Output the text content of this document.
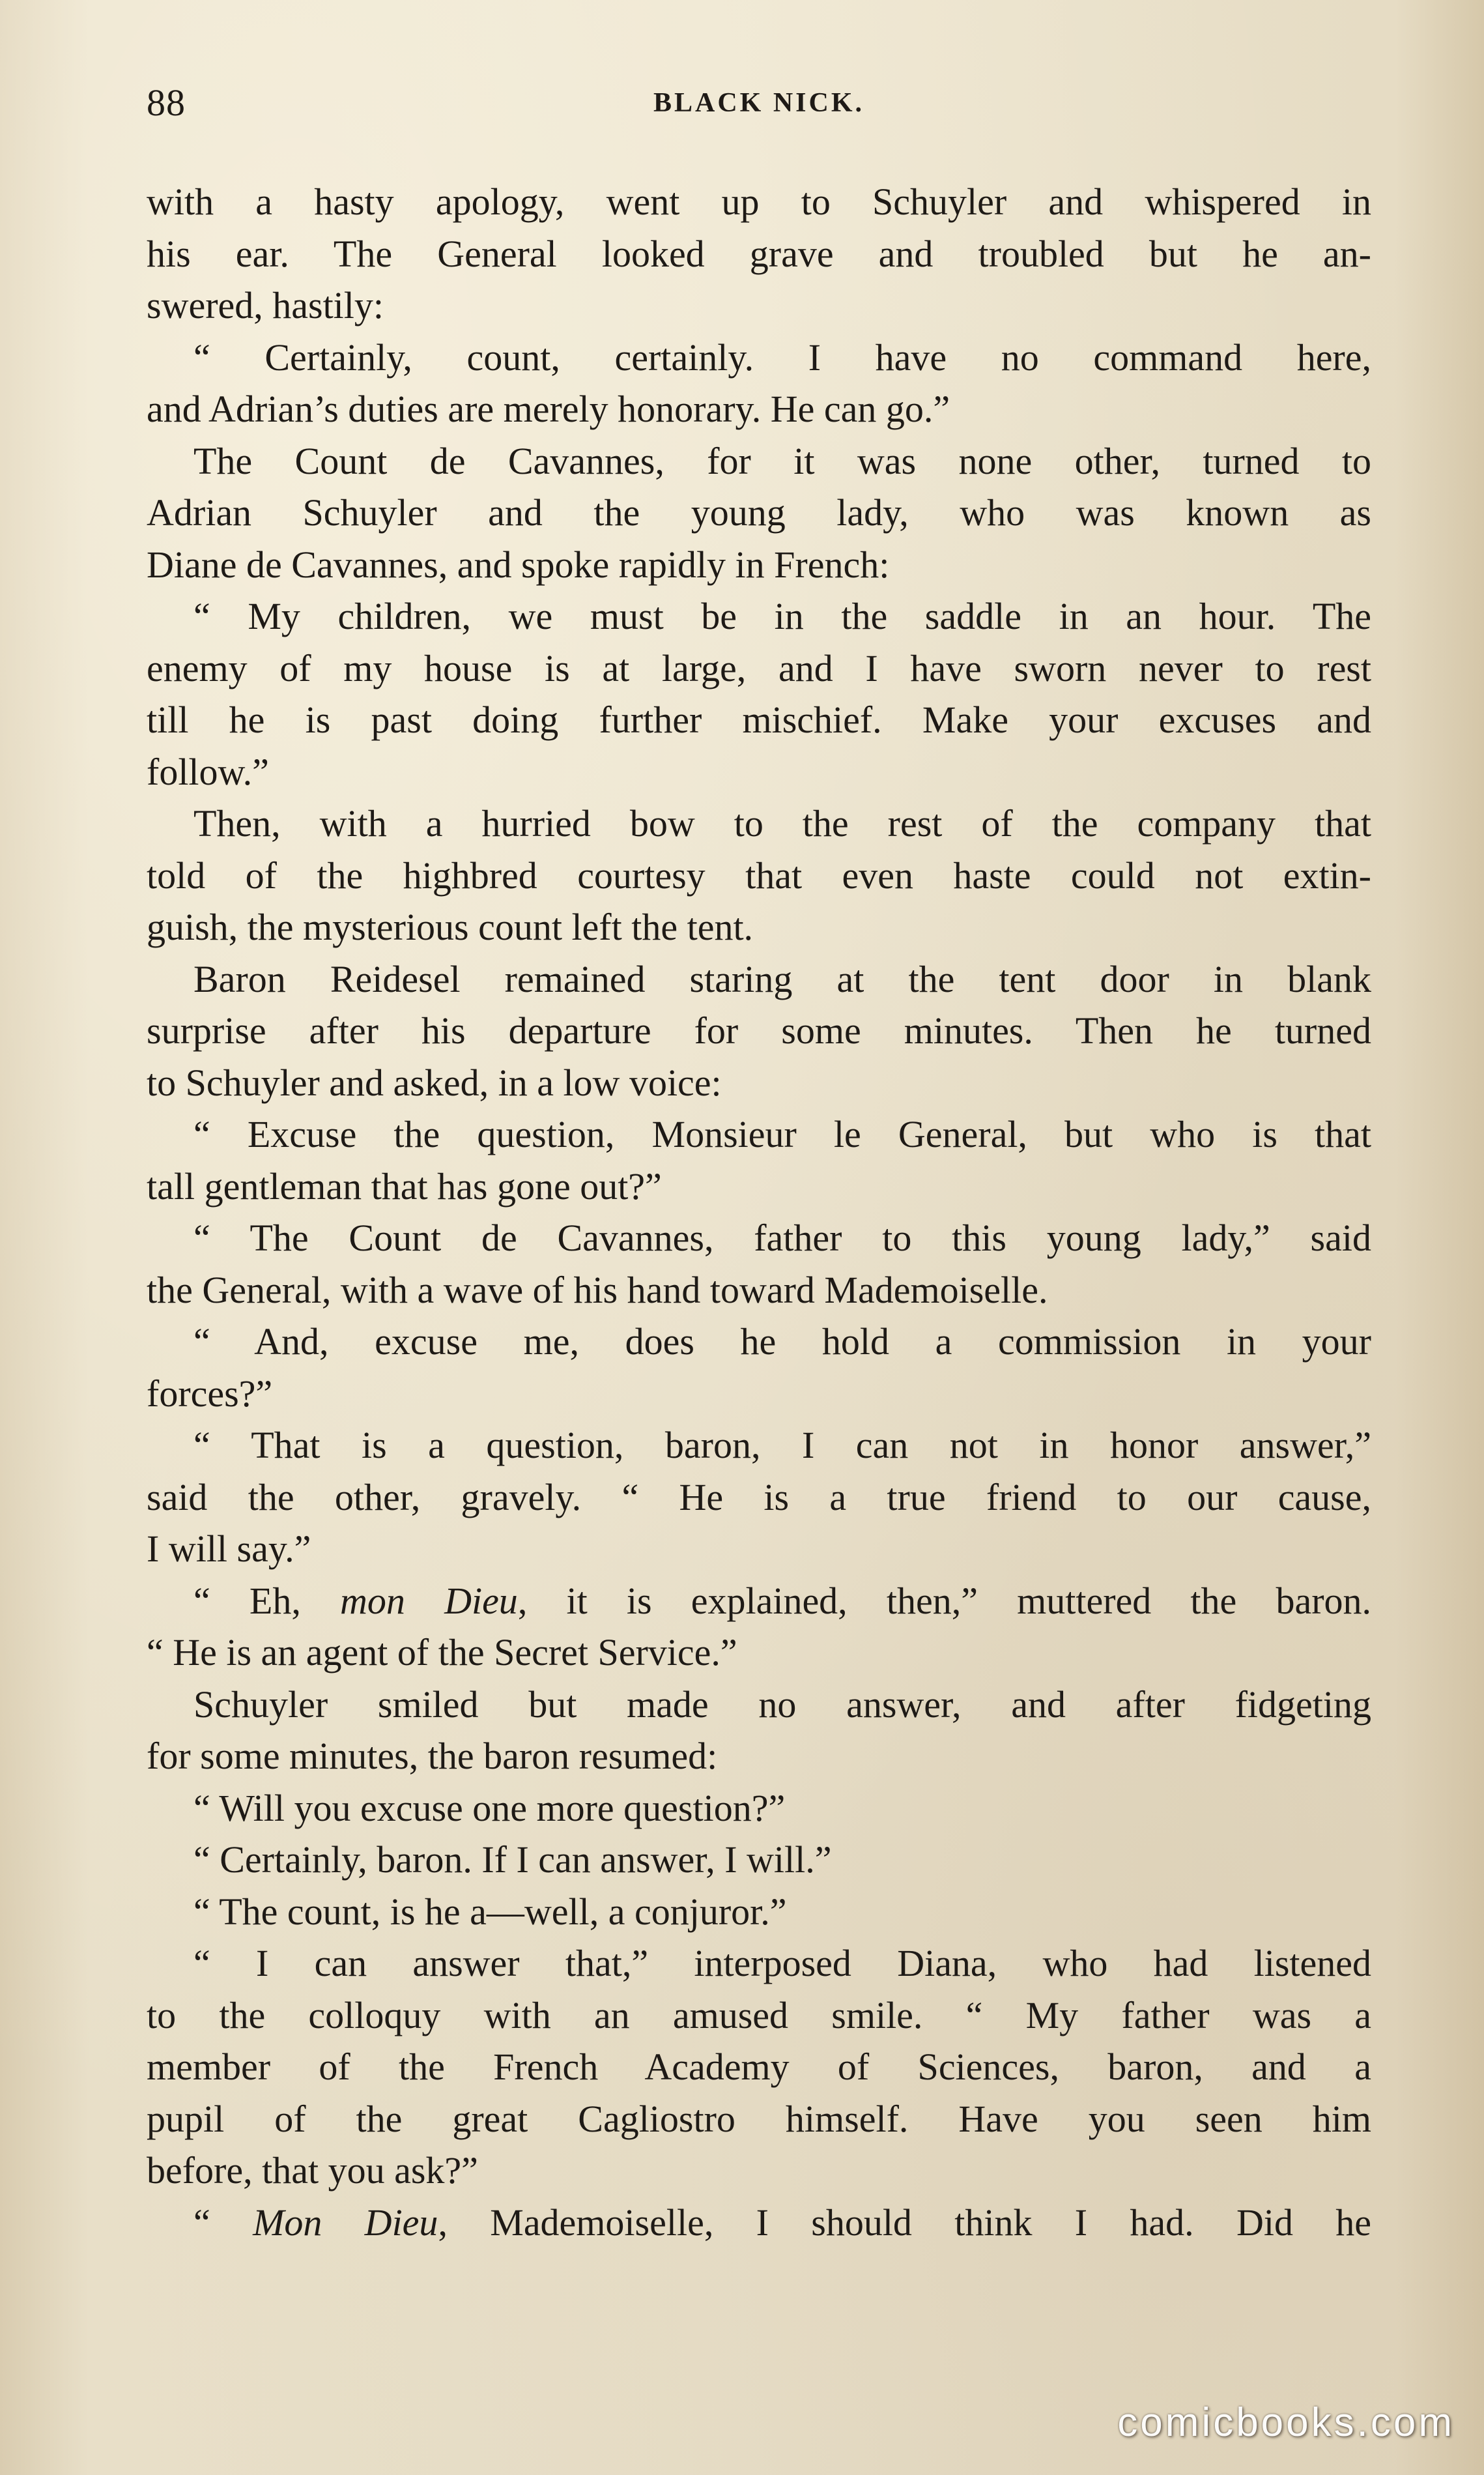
88	BLACK NICK.
with a hasty apology, went up to Schuyler and whispered in
his ear. The General looked grave and troubled but he an-
swered, hastily:
“ Certainly, count, certainly. I have no command here,
and Adrian’s duties are merely honorary. He can go.”
The Count de Cavannes, for it was none other, turned to
Adrian Schuyler and the young lady, who was known as
Diane de Cavannes, and spoke rapidly in French:
“ My children, we must be in the saddle in an hour. The
enemy of my house is at large, and I have sworn never to rest
till he is past doing further mischief. Make your excuses and
follow.”
Then, with a hurried bow to the rest of the company that
told of the highbred courtesy that even haste could not extin-
guish, the mysterious count left the tent.
Baron Reidesel remained staring at the tent door in blank
surprise after his departure for some minutes. Then he turned
to Schuyler and asked, in a low voice:
“ Excuse the question, Monsieur le General, but who is that
tall gentleman that has gone out?”
“ The Count de Cavannes, father to this young lady,” said
the General, with a wave of his hand toward Mademoiselle.
“ And, excuse me, does he hold a commission in your
forces?”
“ That is a question, baron, I can not in honor answer,”
said the other, gravely. “ He is a true friend to our cause,
I will say.”
“ Eh, mon Dieu, it is explained, then,” muttered the baron.
“ He is an agent of the Secret Service.”
Schuyler smiled but made no answer, and after fidgeting
for some minutes, the baron resumed:
“ Will you excuse one more question?”
“ Certainly, baron. If I can answer, I will.”
“ The count, is he a—well, a conjuror.”
“ I can answer that,” interposed Diana, who had listened
to the colloquy with an amused smile. “ My father was a
member of the French Academy of Sciences, baron, and a
pupil of the great Cagliostro himself. Have you seen him
before, that you ask?”
“ Mon Dieu, Mademoiselle, I should think I had. Did he
comicbooks.com
